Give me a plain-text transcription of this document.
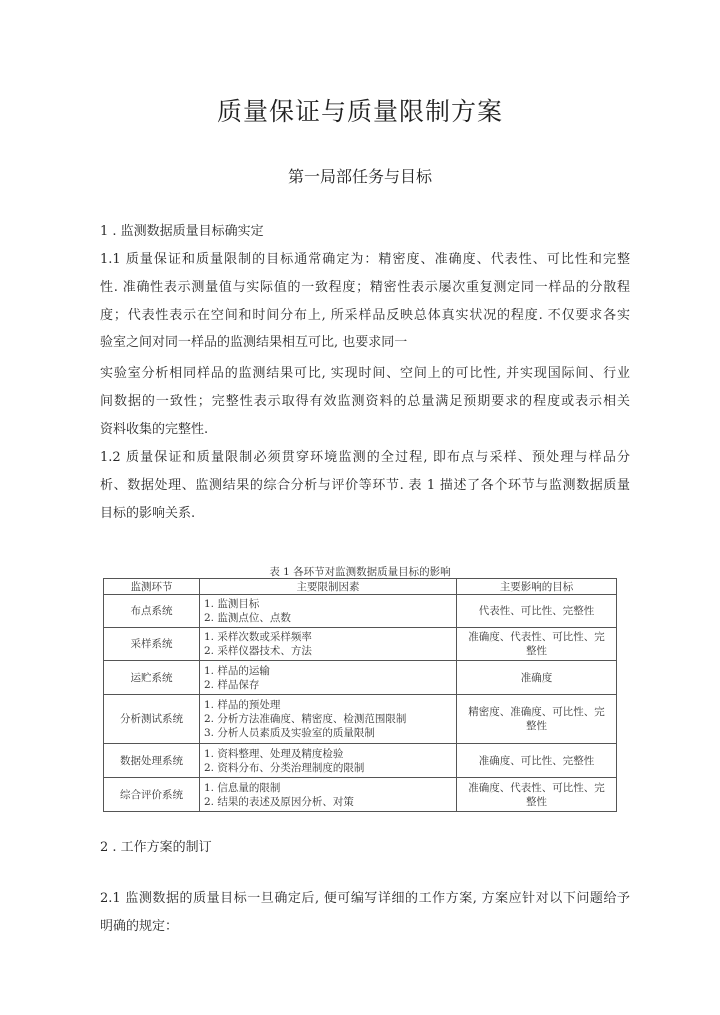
质量保证与质量限制方案
第一局部任务与目标
1 . 监测数据质量目标确实定
1.1 质量保证和质量限制的目标通常确定为：精密度、准确度、代表性、可比性和完整
性. 准确性表示测量值与实际值的一致程度；精密性表示屡次重复测定同一样品的分散程
度；代表性表示在空间和时间分布上, 所采样品反映总体真实状况的程度. 不仅要求各实
验室之间对同一样品的监测结果相互可比, 也要求同一
实验室分析相同样品的监测结果可比, 实现时间、空间上的可比性, 并实现国际间、行业
间数据的一致性；完整性表示取得有效监测资料的总量满足预期要求的程度或表示相关
资料收集的完整性.
1.2 质量保证和质量限制必须贯穿环境监测的全过程, 即布点与采样、预处理与样品分
析、数据处理、监测结果的综合分析与评价等环节. 表 1 描述了各个环节与监测数据质量
目标的影响关系.
表 1 各环节对监测数据质量目标的影响
监测环节	主要限制因素	主要影响的目标
布点系统	1. 监测目标
2. 监测点位、点数	代表性、可比性、完整性

采样系统	1. 采样次数或采样频率
2. 采样仪器技术、方法	准确度、代表性、可比性、完
整性

运贮系统	1. 样品的运输
2. 样品保存	准确度

分析测试系统	1. 样品的预处理
2. 分析方法准确度、精密度、检测范围限制
3. 分析人员素质及实验室的质量限制	精密度、准确度、可比性、完
整性

数据处理系统	1. 资料整理、处理及精度检验
2. 资料分布、分类治理制度的限制	准确度、可比性、完整性

综合评价系统	1. 信息量的限制
2. 结果的表述及原因分析、对策	准确度、代表性、可比性、完
整性
2 . 工作方案的制订
2.1 监测数据的质量目标一旦确定后, 便可编写详细的工作方案, 方案应针对以下问题给予
明确的规定：
